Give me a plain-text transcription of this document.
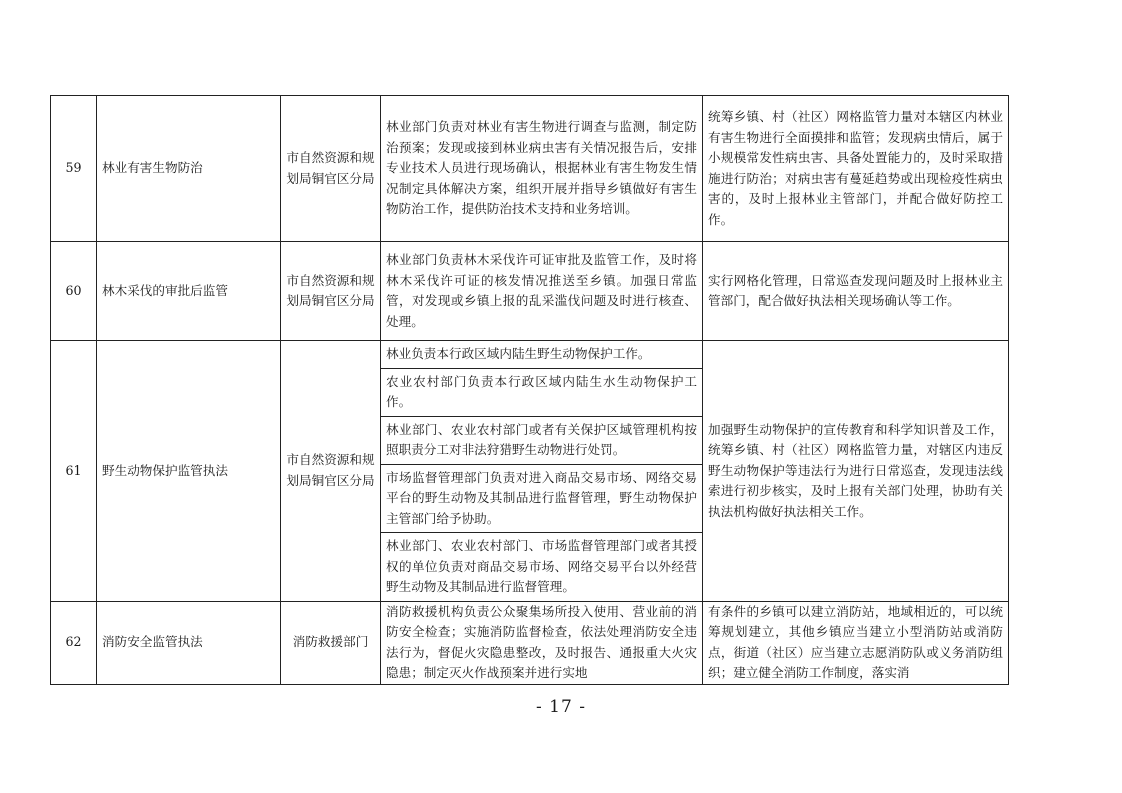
59	林业有害生物防治	市自然资源和规划局铜官区分局	林业部门负责对林业有害生物进行调查与监测，制定防治预案；发现或接到林业病虫害有关情况报告后，安排专业技术人员进行现场确认，根据林业有害生物发生情况制定具体解决方案，组织开展并指导乡镇做好有害生物防治工作，提供防治技术支持和业务培训。	统筹乡镇、村（社区）网格监管力量对本辖区内林业有害生物进行全面摸排和监管；发现病虫情后，属于小规模常发性病虫害、具备处置能力的，及时采取措施进行防治；对病虫害有蔓延趋势或出现检疫性病虫害的，及时上报林业主管部门，并配合做好防控工作。
60	林木采伐的审批后监管	市自然资源和规划局铜官区分局	林业部门负责林木采伐许可证审批及监管工作，及时将林木采伐许可证的核发情况推送至乡镇。加强日常监管，对发现或乡镇上报的乱采滥伐问题及时进行核查、处理。	实行网格化管理，日常巡查发现问题及时上报林业主管部门，配合做好执法相关现场确认等工作。
61	野生动物保护监管执法	市自然资源和规划局铜官区分局	林业负责本行政区域内陆生野生动物保护工作。
农业农村部门负责本行政区域内陆生水生动物保护工作。
林业部门、农业农村部门或者有关保护区域管理机构按照职责分工对非法狩猎野生动物进行处罚。
市场监督管理部门负责对进入商品交易市场、网络交易平台的野生动物及其制品进行监督管理，野生动物保护主管部门给予协助。
林业部门、农业农村部门、市场监督管理部门或者其授权的单位负责对商品交易市场、网络交易平台以外经营野生动物及其制品进行监督管理。	加强野生动物保护的宣传教育和科学知识普及工作，统筹乡镇、村（社区）网格监管力量，对辖区内违反野生动物保护等违法行为进行日常巡查，发现违法线索进行初步核实，及时上报有关部门处理，协助有关执法机构做好执法相关工作。
62	消防安全监管执法	消防救援部门	消防救援机构负责公众聚集场所投入使用、营业前的消防安全检查；实施消防监督检查，依法处理消防安全违法行为，督促火灾隐患整改，及时报告、通报重大火灾隐患；制定灭火作战预案并进行实地	有条件的乡镇可以建立消防站，地域相近的，可以统筹规划建立，其他乡镇应当建立小型消防站或消防点，街道（社区）应当建立志愿消防队或义务消防组织；建立健全消防工作制度，落实消
- 17 -
